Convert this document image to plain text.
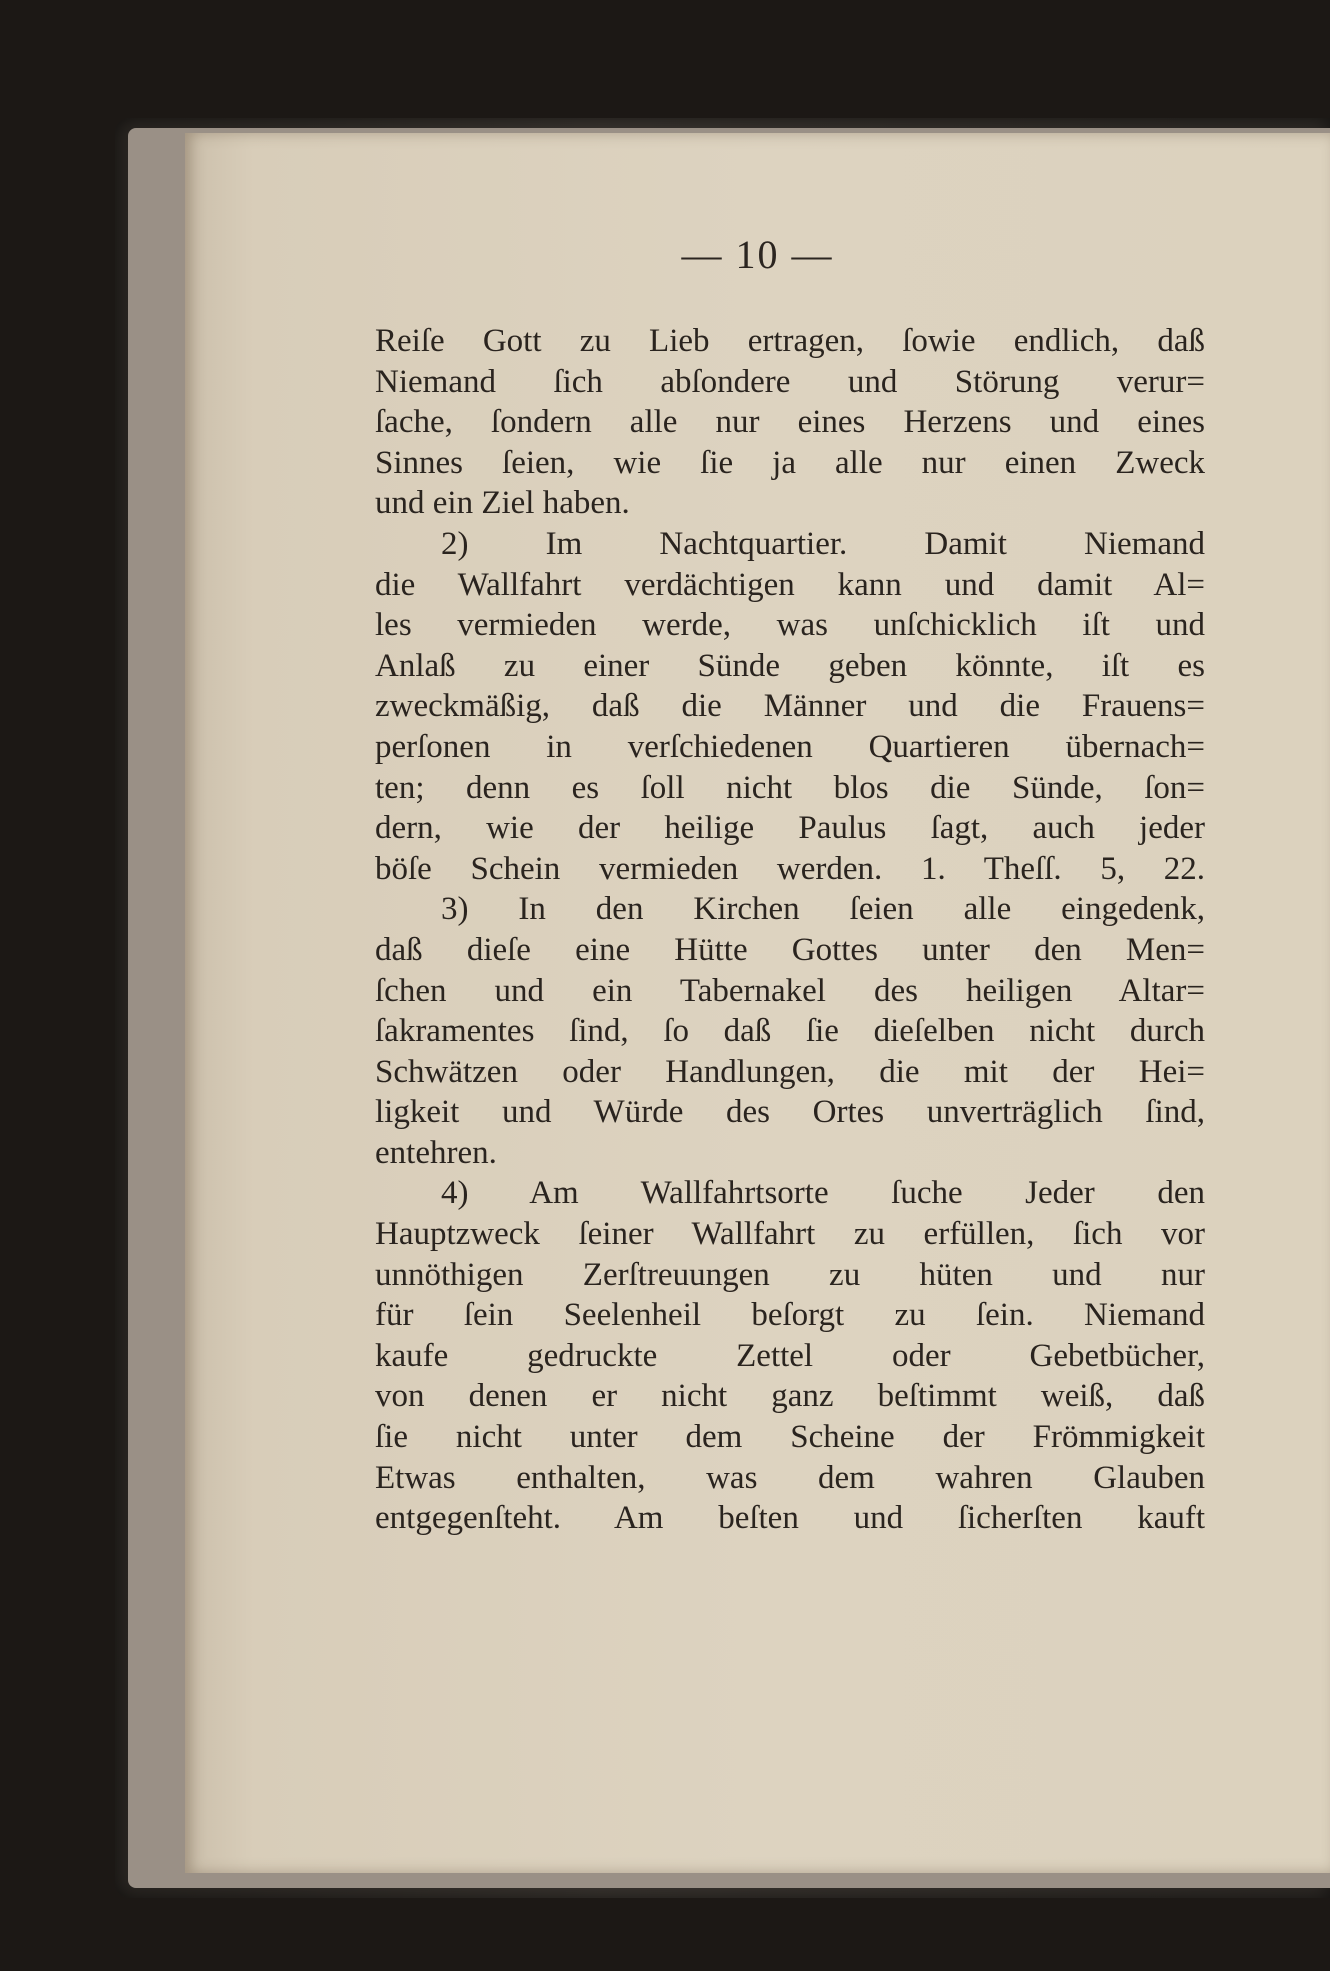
— 10 —
Reiſe Gott zu Lieb ertragen, ſowie endlich, daß
Niemand ſich abſondere und Störung verur=
ſache, ſondern alle nur eines Herzens und eines
Sinnes ſeien, wie ſie ja alle nur einen Zweck
und ein Ziel haben.
2) Im Nachtquartier. Damit Niemand
die Wallfahrt verdächtigen kann und damit Al=
les vermieden werde, was unſchicklich iſt und
Anlaß zu einer Sünde geben könnte, iſt es
zweckmäßig, daß die Männer und die Frauens=
perſonen in verſchiedenen Quartieren übernach=
ten; denn es ſoll nicht blos die Sünde, ſon=
dern, wie der heilige Paulus ſagt, auch jeder
böſe Schein vermieden werden. 1. Theſſ. 5, 22.
3) In den Kirchen ſeien alle eingedenk,
daß dieſe eine Hütte Gottes unter den Men=
ſchen und ein Tabernakel des heiligen Altar=
ſakramentes ſind, ſo daß ſie dieſelben nicht durch
Schwätzen oder Handlungen, die mit der Hei=
ligkeit und Würde des Ortes unverträglich ſind,
entehren.
4) Am Wallfahrtsorte ſuche Jeder den
Hauptzweck ſeiner Wallfahrt zu erfüllen, ſich vor
unnöthigen Zerſtreuungen zu hüten und nur
für ſein Seelenheil beſorgt zu ſein. Niemand
kaufe gedruckte Zettel oder Gebetbücher,
von denen er nicht ganz beſtimmt weiß, daß
ſie nicht unter dem Scheine der Frömmigkeit
Etwas enthalten, was dem wahren Glauben
entgegenſteht. Am beſten und ſicherſten kauft
